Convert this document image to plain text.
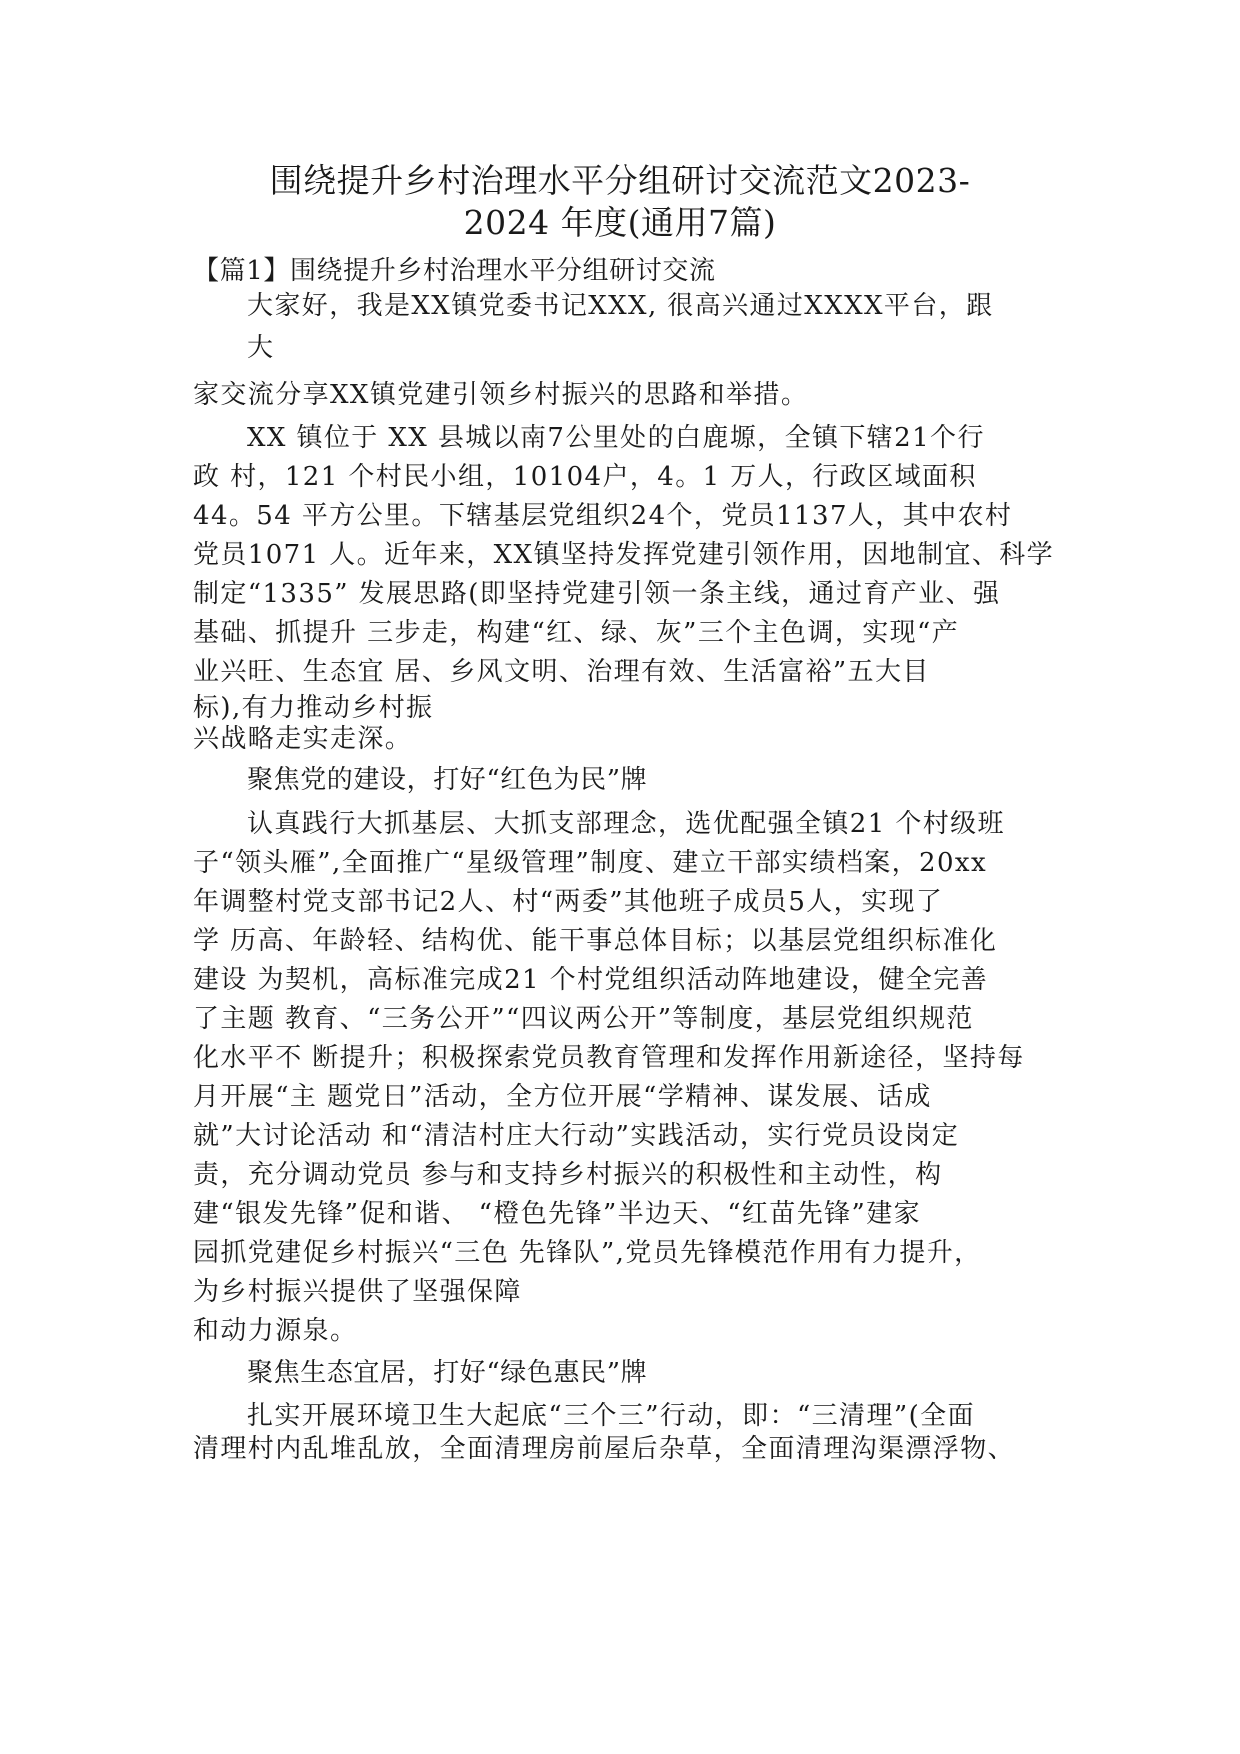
围绕提升乡村治理水平分组研讨交流范文2023-
2024 年度(通用7篇)
【篇1】围绕提升乡村治理水平分组研讨交流
大家好，我是XX镇党委书记XXX, 很高兴通过XXXX平台，跟
大
家交流分享XX镇党建引领乡村振兴的思路和举措。
XX 镇位于 XX 县城以南7公里处的白鹿塬，全镇下辖21个行
政 村，121 个村民小组，10104户，4。1 万人，行政区域面积
44。54 平方公里。下辖基层党组织24个，党员1137人，其中农村
党员1071 人。近年来，XX镇坚持发挥党建引领作用，因地制宜、科学
制定“1335” 发展思路(即坚持党建引领一条主线，通过育产业、强
基础、抓提升 三步走，构建“红、绿、灰”三个主色调，实现“产
业兴旺、生态宜 居、乡风文明、治理有效、生活富裕”五大目
标),有力推动乡村振
兴战略走实走深。
聚焦党的建设，打好“红色为民”牌
认真践行大抓基层、大抓支部理念，选优配强全镇21 个村级班
子“领头雁”,全面推广“星级管理”制度、建立干部实绩档案，20xx
年调整村党支部书记2人、村“两委”其他班子成员5人，实现了
学 历高、年龄轻、结构优、能干事总体目标；以基层党组织标准化
建设 为契机，高标准完成21 个村党组织活动阵地建设，健全完善
了主题 教育、“三务公开”“四议两公开”等制度，基层党组织规范
化水平不 断提升；积极探索党员教育管理和发挥作用新途径，坚持每
月开展“主 题党日”活动，全方位开展“学精神、谋发展、话成
就”大讨论活动 和“清洁村庄大行动”实践活动，实行党员设岗定
责，充分调动党员 参与和支持乡村振兴的积极性和主动性，构
建“银发先锋”促和谐、 “橙色先锋”半边天、“红苗先锋”建家
园抓党建促乡村振兴“三色 先锋队”,党员先锋模范作用有力提升，
为乡村振兴提供了坚强保障
和动力源泉。
聚焦生态宜居，打好“绿色惠民”牌
扎实开展环境卫生大起底“三个三”行动，即：“三清理”(全面
清理村内乱堆乱放，全面清理房前屋后杂草，全面清理沟渠漂浮物、
